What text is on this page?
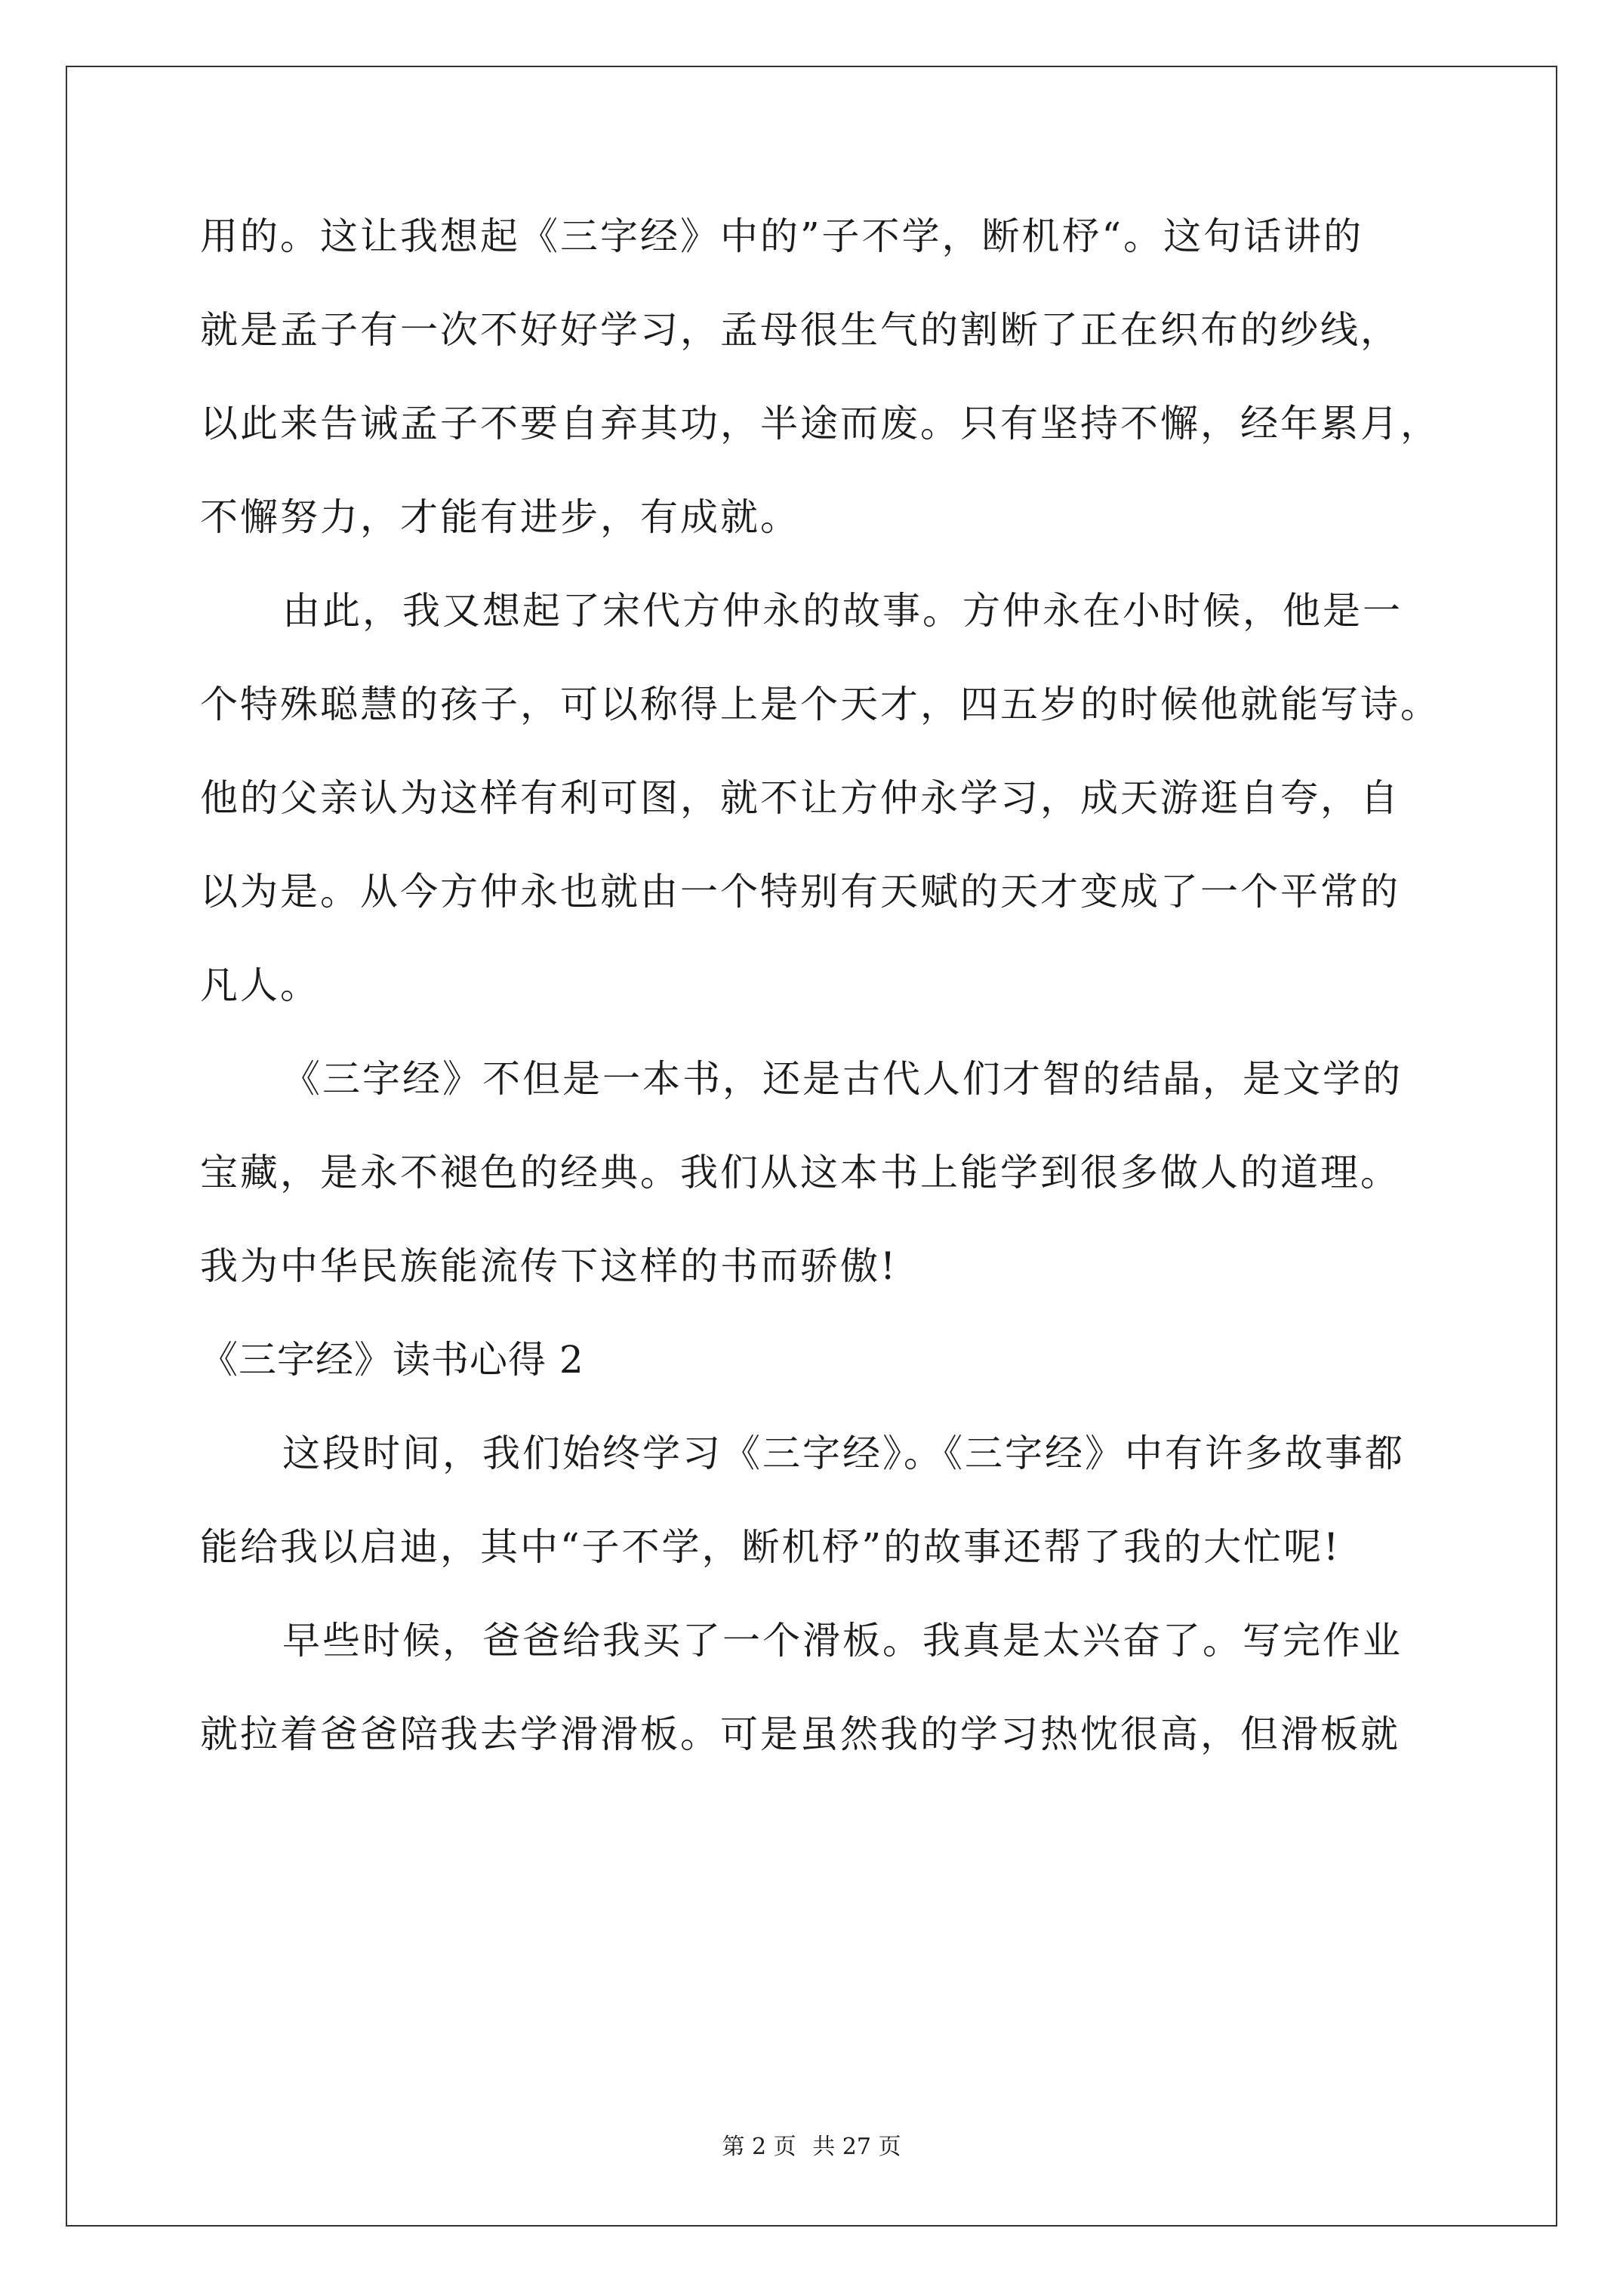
用的。这让我想起《三字经》中的”子不学，断机杼“。这句话讲的
就是孟子有一次不好好学习，孟母很生气的割断了正在织布的纱线，
以此来告诫孟子不要自弃其功，半途而废。只有坚持不懈，经年累月，
不懈努力，才能有进步，有成就。
由此，我又想起了宋代方仲永的故事。方仲永在小时候，他是一
个特殊聪慧的孩子，可以称得上是个天才，四五岁的时候他就能写诗。
他的父亲认为这样有利可图，就不让方仲永学习，成天游逛自夸，自
以为是。从今方仲永也就由一个特别有天赋的天才变成了一个平常的
凡人。
《三字经》不但是一本书，还是古代人们才智的结晶，是文学的
宝藏，是永不褪色的经典。我们从这本书上能学到很多做人的道理。
我为中华民族能流传下这样的书而骄傲!
《三字经》读书心得 2
这段时间，我们始终学习《三字经》。《三字经》中有许多故事都
能给我以启迪，其中“子不学，断机杼”的故事还帮了我的大忙呢!
早些时候，爸爸给我买了一个滑板。我真是太兴奋了。写完作业
就拉着爸爸陪我去学滑滑板。可是虽然我的学习热忱很高，但滑板就
第 2 页 共 27 页
